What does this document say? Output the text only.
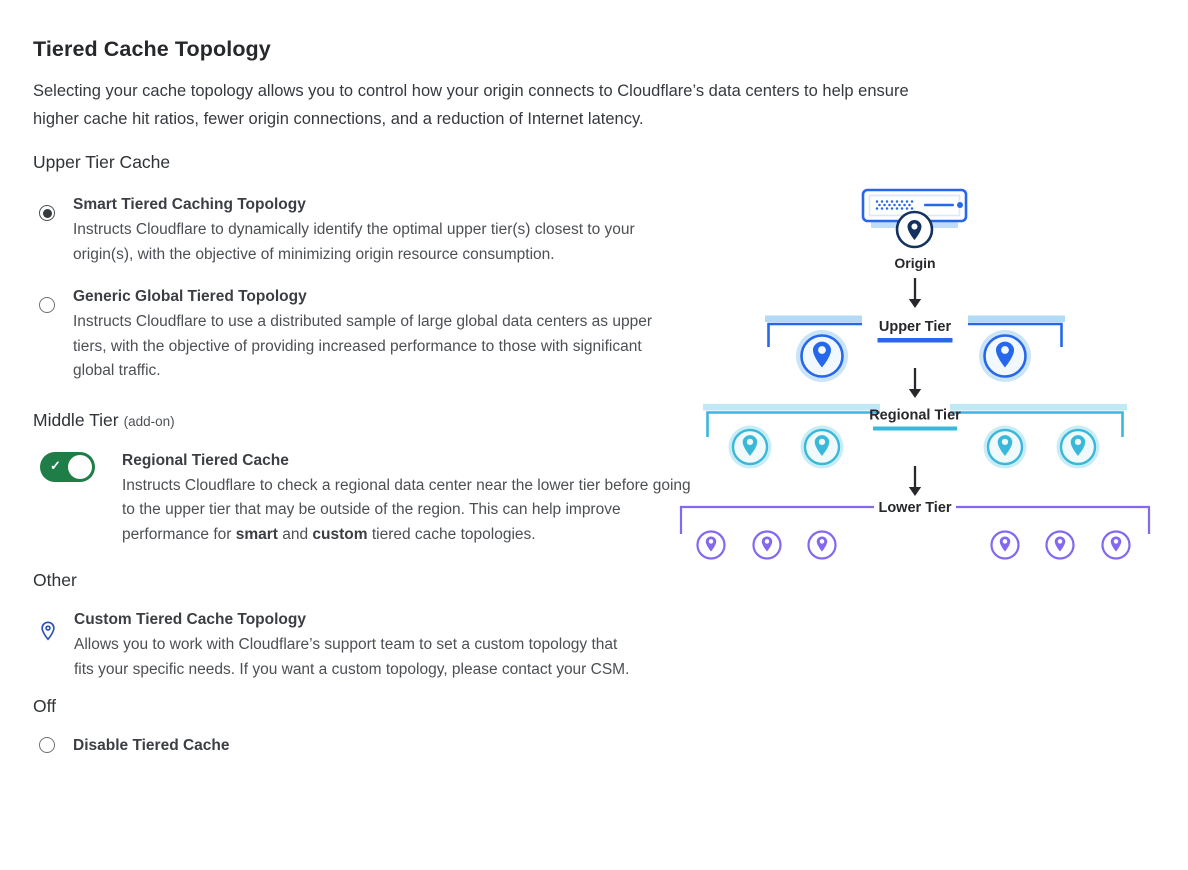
Tiered Cache Topology

Selecting your cache topology allows you to control how your origin connects to Cloudflare’s data centers to help ensure higher cache hit ratios, fewer origin connections, and a reduction of Internet latency.

Upper Tier Cache
Smart Tiered Caching Topology
Instructs Cloudflare to dynamically identify the optimal upper tier(s) closest to your origin(s), with the objective of minimizing origin resource consumption.
Generic Global Tiered Topology
Instructs Cloudflare to use a distributed sample of large global data centers as upper tiers, with the objective of providing increased performance to those with significant global traffic.
Middle Tier (add-on)
✓	Regional Tiered Cache
Instructs Cloudflare to check a regional data center near the lower tier before going to the upper tier that may be outside of the region. This can help improve performance for smart and custom tiered cache topologies.
Other
Custom Tiered Cache Topology
Allows you to work with Cloudflare’s support team to set a custom topology that fits your specific needs. If you want a custom topology, please contact your CSM.
Off
Disable Tiered Cache
Origin
Upper Tier
Regional Tier
Lower Tier
